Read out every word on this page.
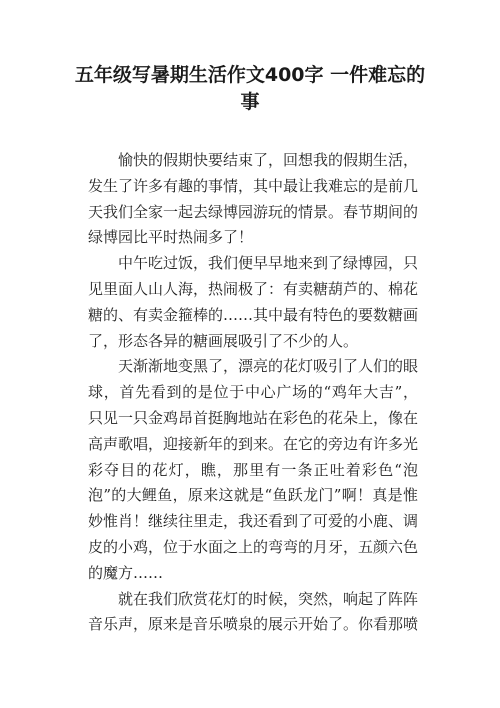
五年级写暑期生活作文400字 一件难忘的事

愉快的假期快要结束了，回想我的假期生活，发生了许多有趣的事情，其中最让我难忘的是前几天我们全家一起去绿博园游玩的情景。春节期间的绿博园比平时热闹多了！

中午吃过饭，我们便早早地来到了绿博园，只见里面人山人海，热闹极了：有卖糖葫芦的、棉花糖的、有卖金箍棒的……其中最有特色的要数糖画了，形态各异的糖画展吸引了不少的人。

天渐渐地变黑了，漂亮的花灯吸引了人们的眼球，首先看到的是位于中心广场的“鸡年大吉”，只见一只金鸡昂首挺胸地站在彩色的花朵上，像在高声歌唱，迎接新年的到来。在它的旁边有许多光彩夺目的花灯，瞧，那里有一条正吐着彩色“泡泡”的大鲤鱼，原来这就是“鱼跃龙门”啊！真是惟妙惟肖！继续往里走，我还看到了可爱的小鹿、调皮的小鸡，位于水面之上的弯弯的月牙，五颜六色的魔方……

就在我们欣赏花灯的时候，突然，响起了阵阵音乐声，原来是音乐喷泉的展示开始了。你看那喷
